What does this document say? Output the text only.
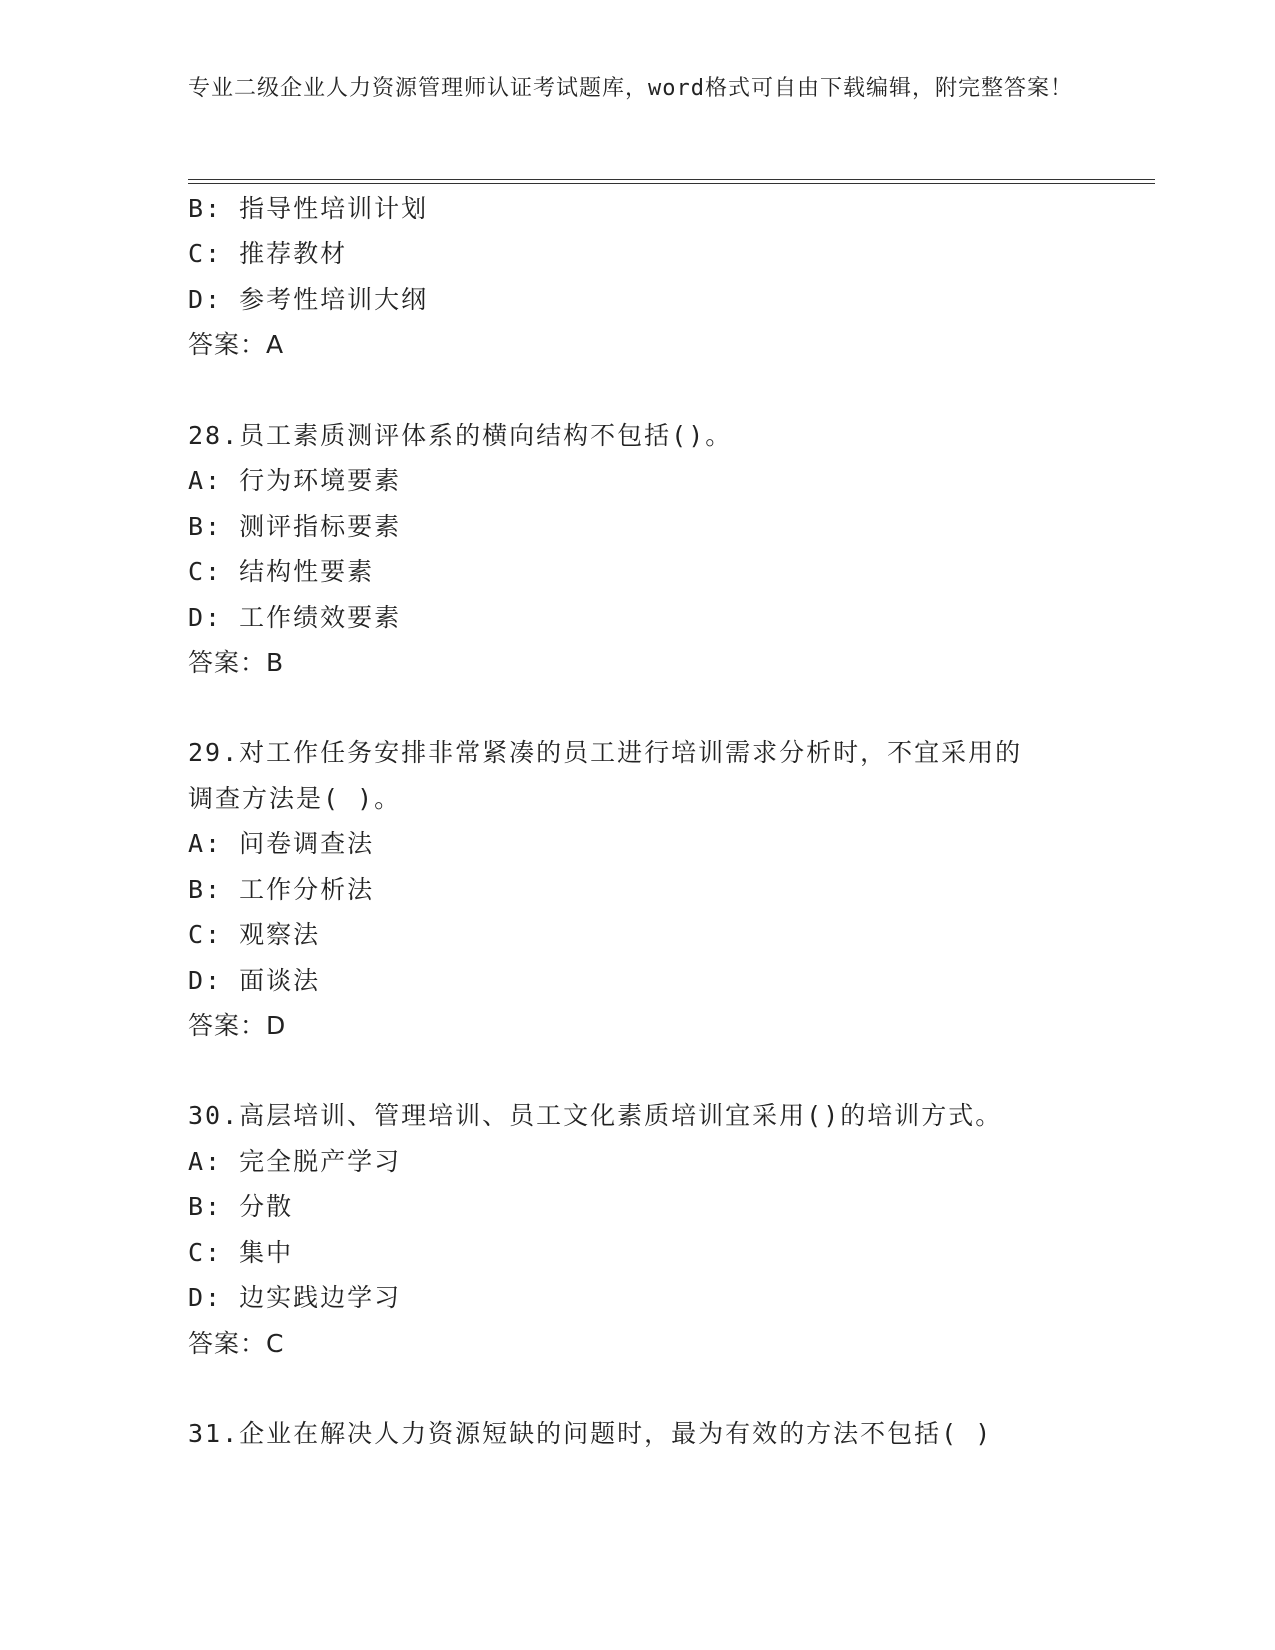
专业二级企业人力资源管理师认证考试题库，word格式可自由下载编辑，附完整答案！
B: 指导性培训计划
C: 推荐教材
D: 参考性培训大纲
答案：A
28.员工素质测评体系的横向结构不包括()。
A: 行为环境要素
B: 测评指标要素
C: 结构性要素
D: 工作绩效要素
答案：B
29.对工作任务安排非常紧凑的员工进行培训需求分析时，不宜采用的
调查方法是( )。
A: 问卷调查法
B: 工作分析法
C: 观察法
D: 面谈法
答案：D
30.高层培训、管理培训、员工文化素质培训宜采用()的培训方式。
A: 完全脱产学习
B: 分散
C: 集中
D: 边实践边学习
答案：C
31.企业在解决人力资源短缺的问题时，最为有效的方法不包括( )
